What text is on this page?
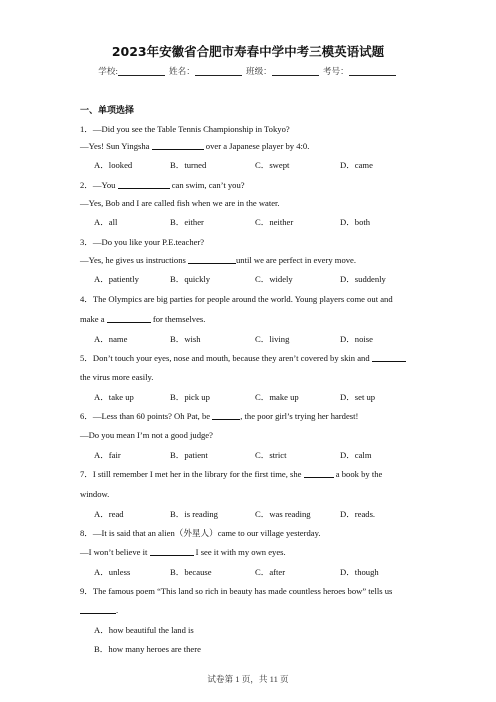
2023年安徽省合肥市寿春中学中考三模英语试题
学校:	姓名：	班级：	考号：
一、单项选择
1．—Did you see the Table Tennis Championship in Tokyo?
—Yes! Sun Yingsha	over a Japanese player by 4:0.
A．looked	B．turned	C．swept	D．came
2．—You	can swim, can’t you?
—Yes, Bob and I are called fish when we are in the water.
A．all	B．either	C．neither	D．both
3．—Do you like your P.E.teacher?
—Yes, he gives us instructions	until we are perfect in every move.
A．patiently	B．quickly	C．widely	D．suddenly
4．The Olympics are big parties for people around the world. Young players come out and
make a	for themselves.
A．name	B．wish	C．living	D．noise
5．Don’t touch your eyes, nose and mouth, because they aren’t covered by skin and
the virus more easily.
A．take up	B．pick up	C．make up	D．set up
6．—Less than 60 points? Oh Pat, be	, the poor girl’s trying her hardest!
—Do you mean I’m not a good judge?
A．fair	B．patient	C．strict	D．calm
7．I still remember I met her in the library for the first time, she	a book by the
window.
A．read	B．is reading	C．was reading	D．reads.
8．—It is said that an alien（外星人）came to our village yesterday.
—I won’t believe it	I see it with my own eyes.
A．unless	B．because	C．after	D．though
9．The famous poem “This land so rich in beauty has made countless heroes bow” tells us
.
A．how beautiful the land is
B．how many heroes are there
试卷第 1 页，共 11 页
